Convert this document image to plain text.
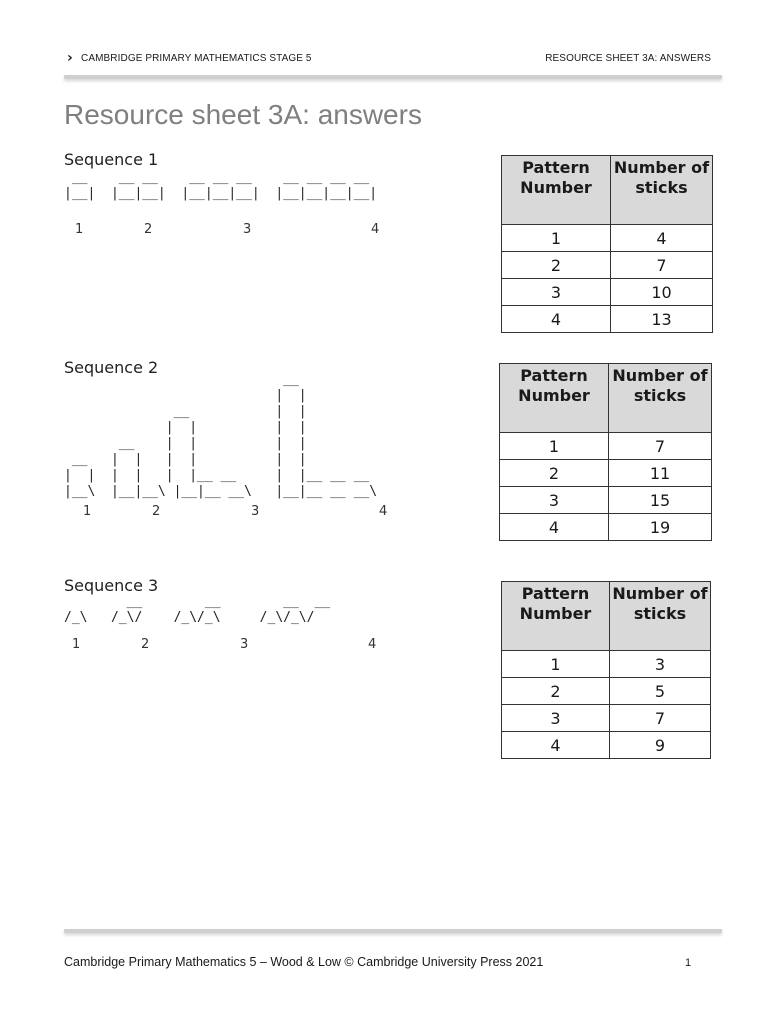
› CAMBRIDGE PRIMARY MATHEMATICS STAGE 5	RESOURCE SHEET 3A: ANSWERS
Resource sheet 3A: answers
Sequence 1
__    __ __    __ __ __    __ __ __ __
|__|  |__|__|  |__|__|__|  |__|__|__|__|
1	2	3	4
Pattern Number	Number of sticks
1	4
2	7
3	10
4	13
Sequence 2
__
|  |
__           |  |
|  |          |  |
__    |  |          |  |
__   |  |   |  |          |  |
|  |  |  |   |  |__ __     |  |__ __ __
|__\  |__|__\ |__|__ __\   |__|__ __ __\
1	2	3	4
Pattern Number	Number of sticks
1	7
2	11
3	15
4	19
Sequence 3
__        __        __  __
/_\   /_\/    /_\/_\     /_\/_\/
1	2	3	4
Pattern Number	Number of sticks
1	3
2	5
3	7
4	9
Cambridge Primary Mathematics 5 – Wood & Low © Cambridge University Press 2021	1
